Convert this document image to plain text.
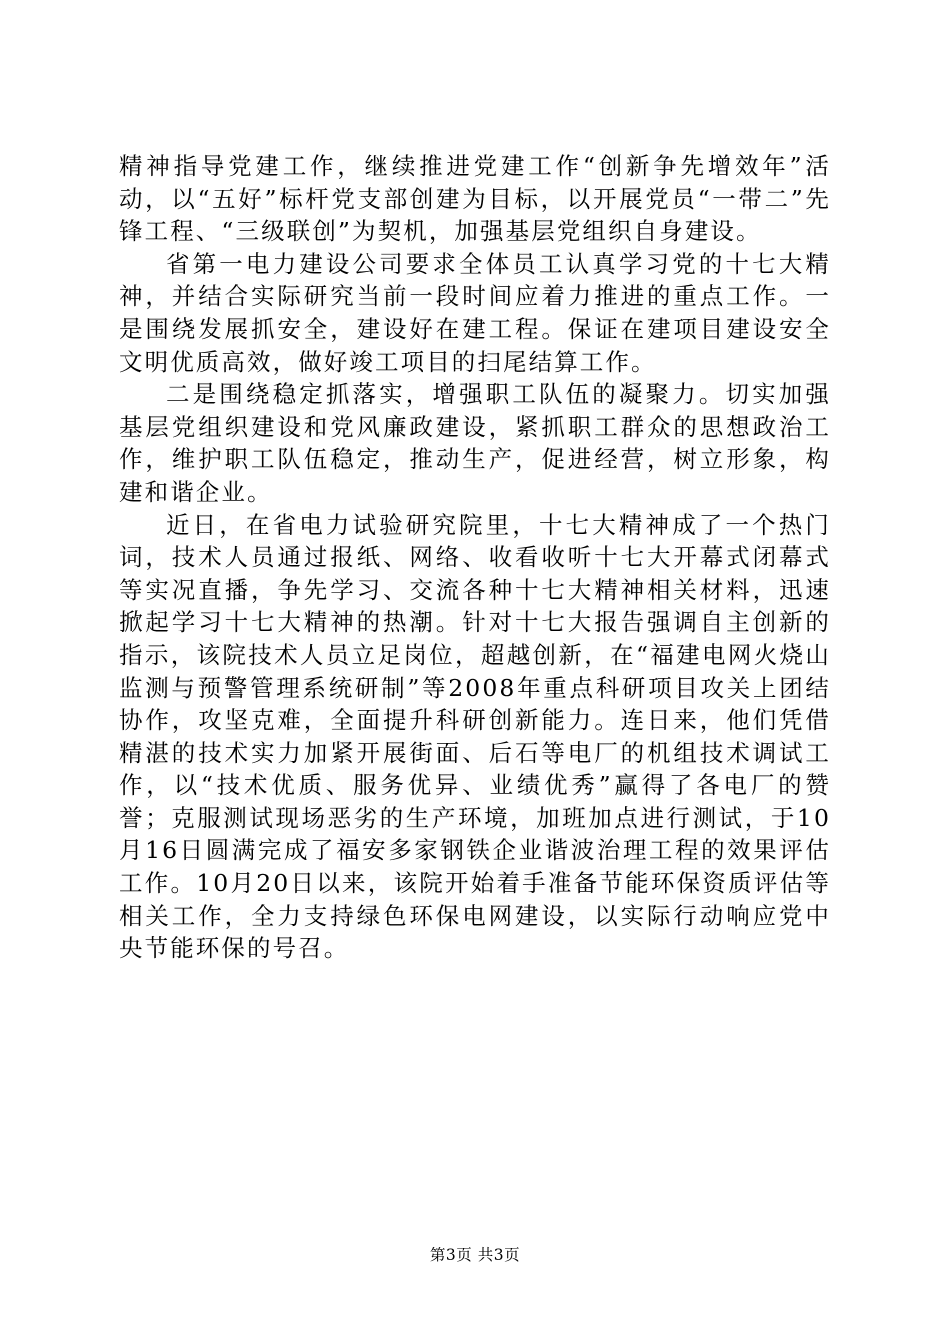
精神指导党建工作，继续推进党建工作“创新争先增效年”活动，以“五好”标杆党支部创建为目标，以开展党员“一带二”先锋工程、“三级联创”为契机，加强基层党组织自身建设。

省第一电力建设公司要求全体员工认真学习党的十七大精神，并结合实际研究当前一段时间应着力推进的重点工作。一是围绕发展抓安全，建设好在建工程。保证在建项目建设安全文明优质高效，做好竣工项目的扫尾结算工作。

二是围绕稳定抓落实，增强职工队伍的凝聚力。切实加强基层党组织建设和党风廉政建设，紧抓职工群众的思想政治工作，维护职工队伍稳定，推动生产，促进经营，树立形象，构建和谐企业。

近日，在省电力试验研究院里，十七大精神成了一个热门词，技术人员通过报纸、网络、收看收听十七大开幕式闭幕式等实况直播，争先学习、交流各种十七大精神相关材料，迅速掀起学习十七大精神的热潮。针对十七大报告强调自主创新的指示，该院技术人员立足岗位，超越创新，在“福建电网火烧山监测与预警管理系统研制”等2008年重点科研项目攻关上团结协作，攻坚克难，全面提升科研创新能力。连日来，他们凭借精湛的技术实力加紧开展街面、后石等电厂的机组技术调试工作，以“技术优质、服务优异、业绩优秀”赢得了各电厂的赞誉；克服测试现场恶劣的生产环境，加班加点进行测试，于10月16日圆满完成了福安多家钢铁企业谐波治理工程的效果评估工作。10月20日以来，该院开始着手准备节能环保资质评估等相关工作，全力支持绿色环保电网建设，以实际行动响应党中央节能环保的号召。

第3页 共3页
